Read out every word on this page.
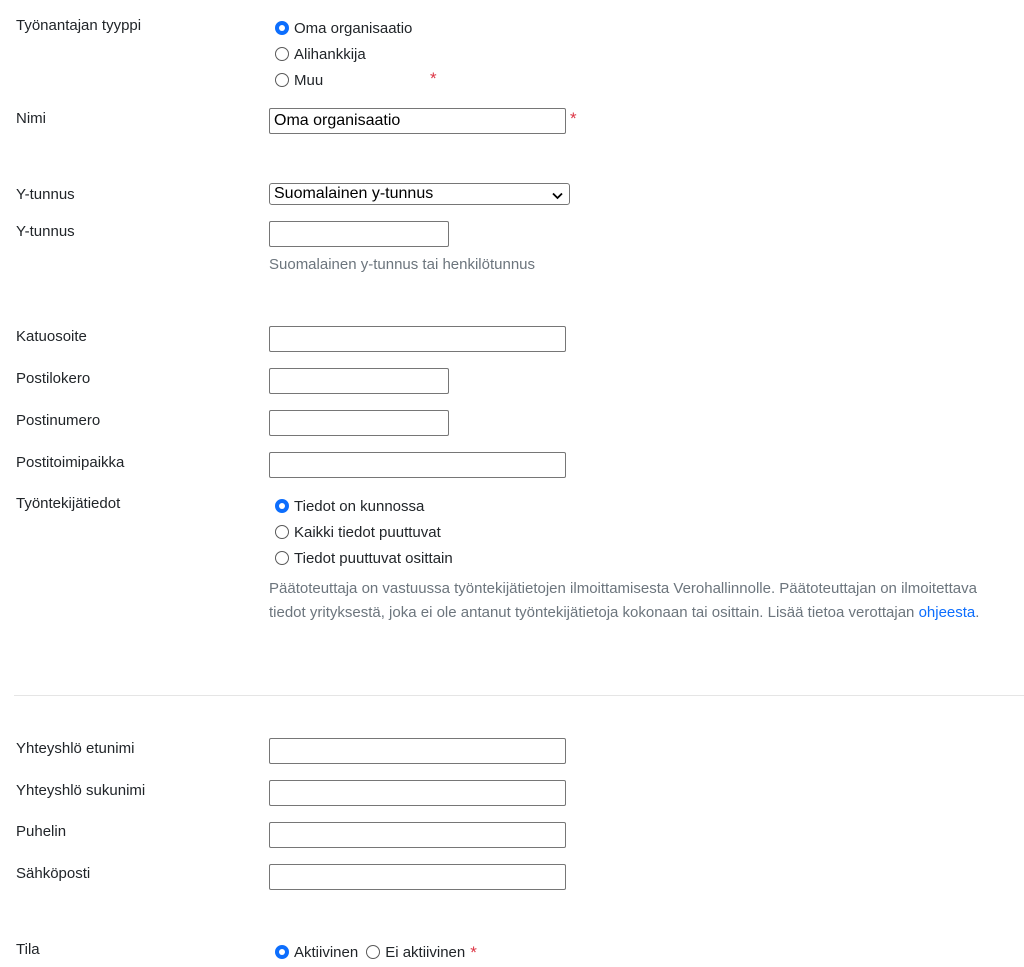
Työnantajan tyyppi	Oma organisaatio
Alihankkija
Muu	*
Nimi	Oma organisaatio	*
Y-tunnus	Suomalainen y-tunnus
Y-tunnus
Suomalainen y-tunnus tai henkilötunnus
Katuosoite
Postilokero
Postinumero
Postitoimipaikka
Työntekijätiedot	Tiedot on kunnossa
Kaikki tiedot puuttuvat
Tiedot puuttuvat osittain
Päätoteuttaja on vastuussa työntekijätietojen ilmoittamisesta Verohallinnolle. Päätoteuttajan on ilmoitettava tiedot yrityksestä, joka ei ole antanut työntekijätietoja kokonaan tai osittain. Lisää tietoa verottajan ohjeesta.
Yhteyshlö etunimi
Yhteyshlö sukunimi
Puhelin
Sähköposti
Tila	Aktiivinen Ei aktiivinen *
